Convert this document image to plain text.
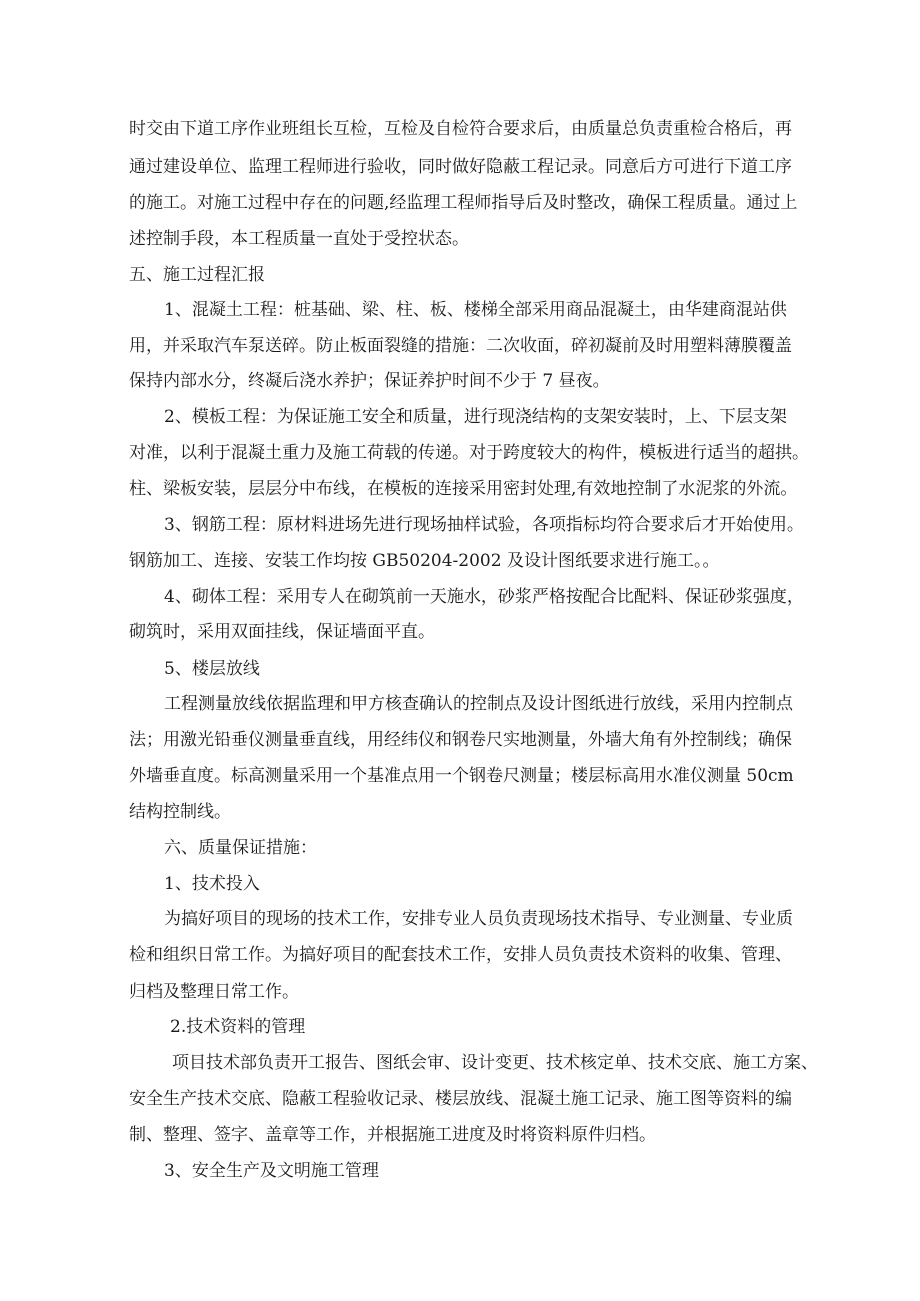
时交由下道工序作业班组长互检，互检及自检符合要求后，由质量总负责重检合格后，再
通过建设单位、监理工程师进行验收，同时做好隐蔽工程记录。同意后方可进行下道工序
的施工。对施工过程中存在的问题,经监理工程师指导后及时整改，确保工程质量。通过上
述控制手段，本工程质量一直处于受控状态。
五、施工过程汇报
1、混凝土工程：桩基础、梁、柱、板、楼梯全部采用商品混凝土，由华建商混站供
用，并采取汽车泵送碎。防止板面裂缝的措施：二次收面，碎初凝前及时用塑料薄膜覆盖
保持内部水分，终凝后浇水养护；保证养护时间不少于 7 昼夜。
2、模板工程：为保证施工安全和质量，进行现浇结构的支架安装时，上、下层支架
对准，以利于混凝土重力及施工荷载的传递。对于跨度较大的构件，模板进行适当的超拱。
柱、梁板安装，层层分中布线，在模板的连接采用密封处理,有效地控制了水泥浆的外流。
3、钢筋工程：原材料进场先进行现场抽样试验，各项指标均符合要求后才开始使用。
钢筋加工、连接、安装工作均按 GB50204-2002 及设计图纸要求进行施工。。
4、砌体工程：采用专人在砌筑前一天施水，砂浆严格按配合比配料、保证砂浆强度，
砌筑时，采用双面挂线，保证墙面平直。
5、楼层放线
工程测量放线依据监理和甲方核查确认的控制点及设计图纸进行放线，采用内控制点
法；用激光铅垂仪测量垂直线，用经纬仪和钢卷尺实地测量，外墙大角有外控制线；确保
外墙垂直度。标高测量采用一个基准点用一个钢卷尺测量；楼层标高用水准仪测量 50cm
结构控制线。
六、质量保证措施：
1、技术投入
为搞好项目的现场的技术工作，安排专业人员负责现场技术指导、专业测量、专业质
检和组织日常工作。为搞好项目的配套技术工作，安排人员负责技术资料的收集、管理、
归档及整理日常工作。
2.技术资料的管理
项目技术部负责开工报告、图纸会审、设计变更、技术核定单、技术交底、施工方案、
安全生产技术交底、隐蔽工程验收记录、楼层放线、混凝土施工记录、施工图等资料的编
制、整理、签字、盖章等工作，并根据施工进度及时将资料原件归档。
3、安全生产及文明施工管理
